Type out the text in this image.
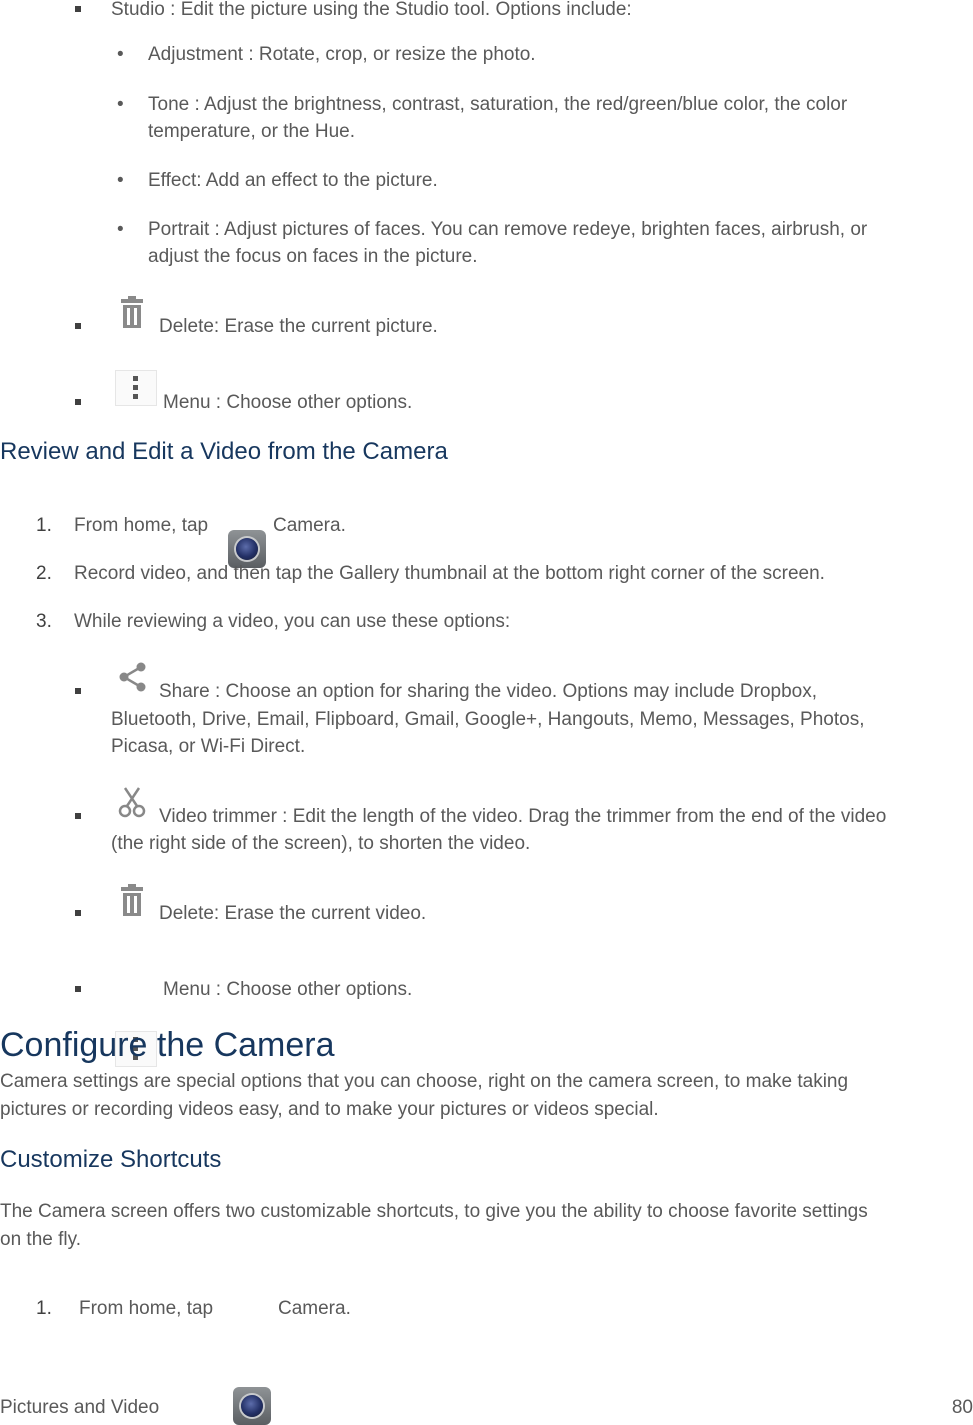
Studio : Edit the picture using the Studio tool. Options include:
• Adjustment : Rotate, crop, or resize the photo.
• Tone : Adjust the brightness, contrast, saturation, the red/green/blue color, the color
temperature, or the Hue.
• Effect: Add an effect to the picture.
• Portrait : Adjust pictures of faces. You can remove redeye, brighten faces, airbrush, or
adjust the focus on faces in the picture.
Delete: Erase the current picture.
Menu : Choose other options.
Review and Edit a Video from the Camera
1. From home, tap	Camera.
2. Record video, and then tap the Gallery thumbnail at the bottom right corner of the screen.
3. While reviewing a video, you can use these options:
Share : Choose an option for sharing the video. Options may include Dropbox,
Bluetooth, Drive, Email, Flipboard, Gmail, Google+, Hangouts, Memo, Messages, Photos,
Picasa, or Wi-Fi Direct.
Video trimmer : Edit the length of the video. Drag the trimmer from the end of the video
(the right side of the screen), to shorten the video.
Delete: Erase the current video.
Menu : Choose other options.
Configure the Camera
Camera settings are special options that you can choose, right on the camera screen, to make taking
pictures or recording videos easy, and to make your pictures or videos special.
Customize Shortcuts
The Camera screen offers two customizable shortcuts, to give you the ability to choose favorite settings
on the fly.
1. From home, tap	Camera.
Pictures and Video	80
